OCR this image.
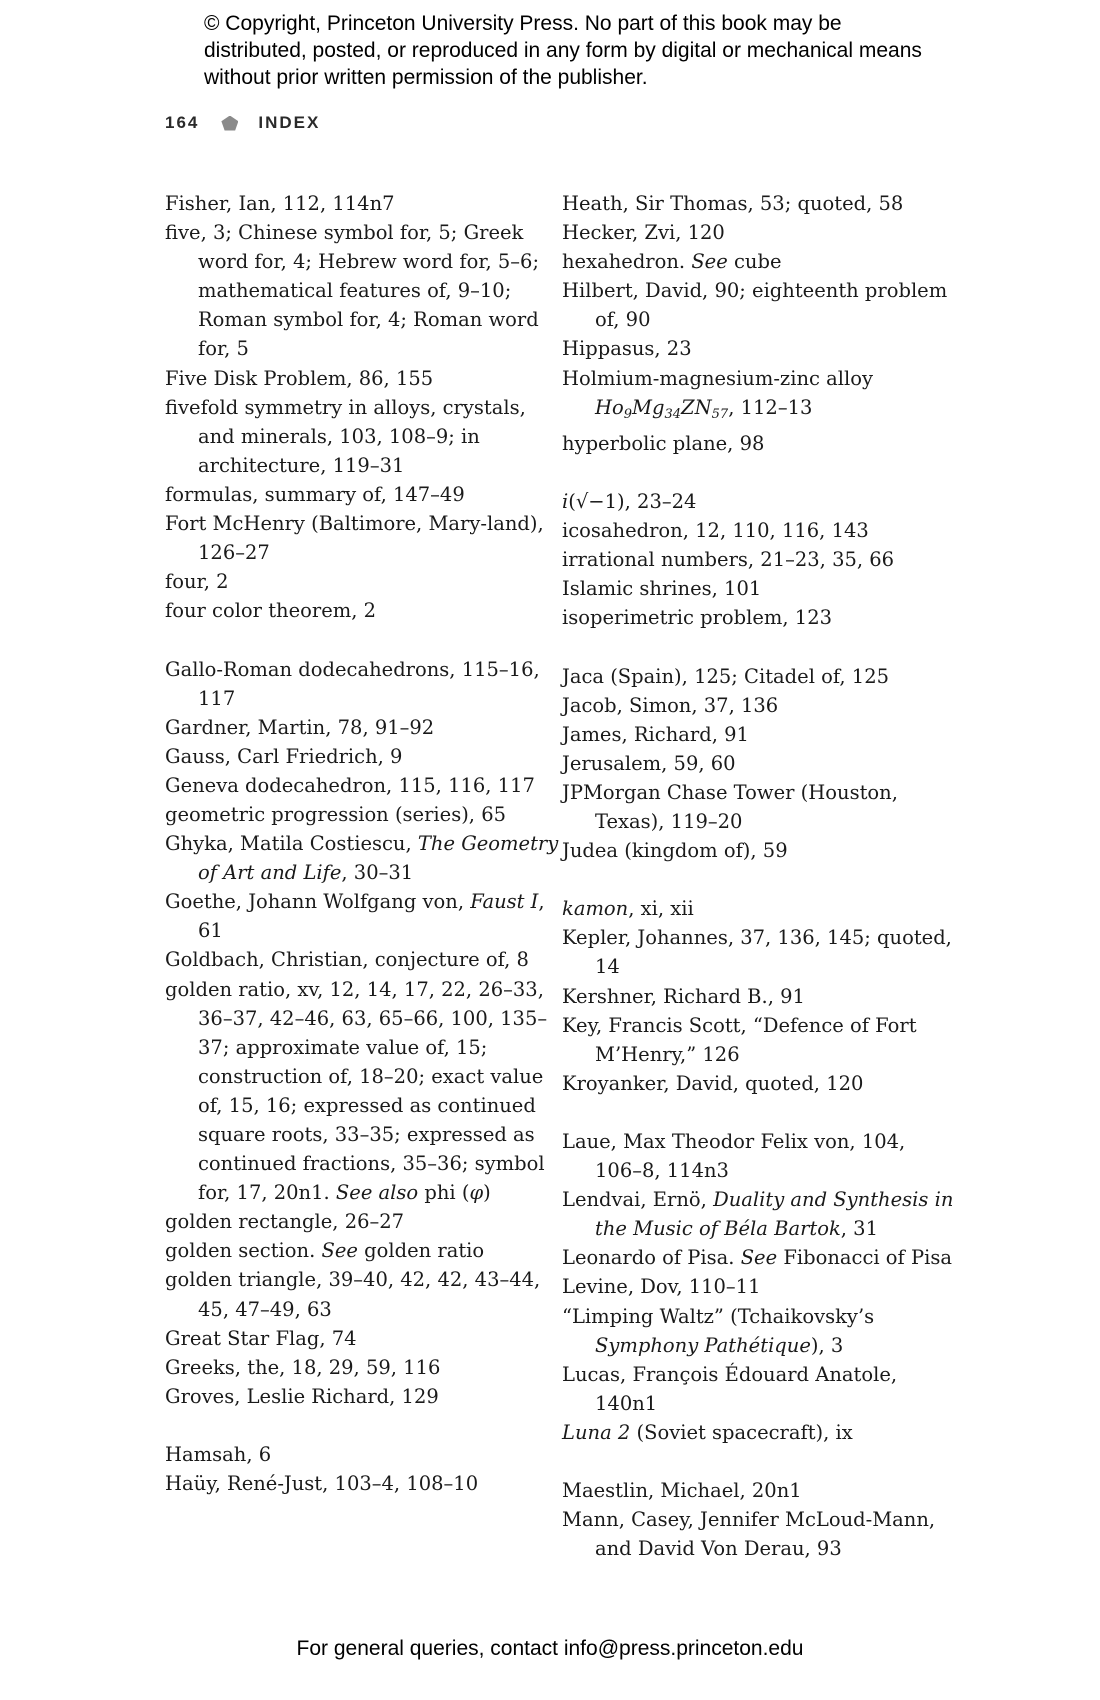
© Copyright, Princeton University Press. No part of this book may be distributed, posted, or reproduced in any form by digital or mechanical means without prior written permission of the publisher.
164	INDEX
Fisher, Ian, 112, 114n7
five, 3; Chinese symbol for, 5; Greek word for, 4; Hebrew word for, 5–6; mathematical features of, 9–10; Roman symbol for, 4; Roman word for, 5
Five Disk Problem, 86, 155
fivefold symmetry in alloys, crystals, and minerals, 103, 108–9; in architecture, 119–31
formulas, summary of, 147–49
Fort McHenry (Baltimore, Mary-land), 126–27
four, 2
four color theorem, 2
Gallo-Roman dodecahedrons, 115–16, 117
Gardner, Martin, 78, 91–92
Gauss, Carl Friedrich, 9
Geneva dodecahedron, 115, 116, 117
geometric progression (series), 65
Ghyka, Matila Costiescu, The Geometry of Art and Life, 30–31
Goethe, Johann Wolfgang von, Faust I, 61
Goldbach, Christian, conjecture of, 8
golden ratio, xv, 12, 14, 17, 22, 26–33, 36–37, 42–46, 63, 65–66, 100, 135–37; approximate value of, 15; construction of, 18–20; exact value of, 15, 16; expressed as continued square roots, 33–35; expressed as continued fractions, 35–36; symbol for, 17, 20n1. See also phi (φ)
golden rectangle, 26–27
golden section. See golden ratio
golden triangle, 39–40, 42, 42, 43–44, 45, 47–49, 63
Great Star Flag, 74
Greeks, the, 18, 29, 59, 116
Groves, Leslie Richard, 129
Hamsah, 6
Haüy, René-Just, 103–4, 108–10
Heath, Sir Thomas, 53; quoted, 58
Hecker, Zvi, 120
hexahedron. See cube
Hilbert, David, 90; eighteenth problem of, 90
Hippasus, 23
Holmium-magnesium-zinc alloy $Ho_9Mg_{34}ZN_{57}$, 112–13
hyperbolic plane, 98
i(√−1), 23–24
icosahedron, 12, 110, 116, 143
irrational numbers, 21–23, 35, 66
Islamic shrines, 101
isoperimetric problem, 123
Jaca (Spain), 125; Citadel of, 125
Jacob, Simon, 37, 136
James, Richard, 91
Jerusalem, 59, 60
JPMorgan Chase Tower (Houston, Texas), 119–20
Judea (kingdom of), 59
kamon, xi, xii
Kepler, Johannes, 37, 136, 145; quoted, 14
Kershner, Richard B., 91
Key, Francis Scott, “Defence of Fort M’Henry,” 126
Kroyanker, David, quoted, 120
Laue, Max Theodor Felix von, 104, 106–8, 114n3
Lendvai, Ernö, Duality and Synthesis in the Music of Béla Bartok, 31
Leonardo of Pisa. See Fibonacci of Pisa
Levine, Dov, 110–11
“Limping Waltz” (Tchaikovsky’s Symphony Pathétique), 3
Lucas, François Édouard Anatole, 140n1
Luna 2 (Soviet spacecraft), ix
Maestlin, Michael, 20n1
Mann, Casey, Jennifer McLoud-Mann, and David Von Derau, 93
For general queries, contact info@press.princeton.edu
